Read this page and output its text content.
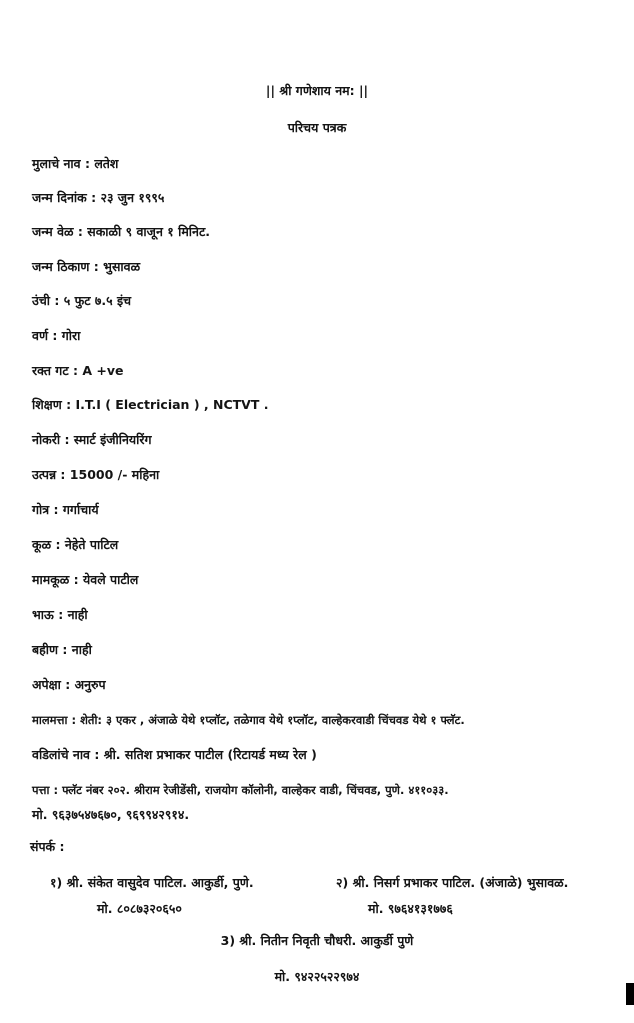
|| श्री गणेशाय नम: ||
परिचय पत्रक
मुलाचे नाव : लतेश
जन्म दिनांक : २३ जुन १९९५
जन्म वेळ : सकाळी ९ वाजून १ मिनिट.
जन्म ठिकाण : भुसावळ
उंची : ५ फुट ७.५ इंच
वर्ण : गोरा
रक्त गट : A +ve
शिक्षण : I.T.I ( Electrician ) , NCTVT .
नोकरी : स्मार्ट इंजीनियरिंग
उत्पन्न : 15000 /- महिना
गोत्र : गर्गाचार्य
कूळ : नेहेते पाटिल
मामकूळ : येवले पाटील
भाऊ : नाही
बहीण : नाही
अपेक्षा : अनुरुप
मालमत्ता : शेती: ३ एकर , अंजाळे येथे १प्लॉट, तळेगाव येथे १प्लॉट, वाल्हेकरवाडी चिंचवड येथे १ फ्लॅट.
वडिलांचे नाव : श्री. सतिश प्रभाकर पाटील (रिटायर्ड मध्य रेल )
पत्ता : फ्लॅट नंबर २०२. श्रीराम रेजीडेंसी, राजयोग कॉलोनी, वाल्हेकर वाडी, चिंचवड, पुणे. ४११०३३.
मो. ९६३७५४७६७०, ९६९९४२९१४.
संपर्क :
१) श्री. संकेत वासुदेव पाटिल. आकुर्डी, पुणे.
मो. ८०८७३२०६५०
२) श्री. निसर्ग प्रभाकर पाटिल. (अंजाळे) भुसावळ.
मो. ९७६४१३१७७६
3) श्री. नितीन निवृती चौधरी. आकुर्डी पुणे
मो. ९४२२५२२९७४
